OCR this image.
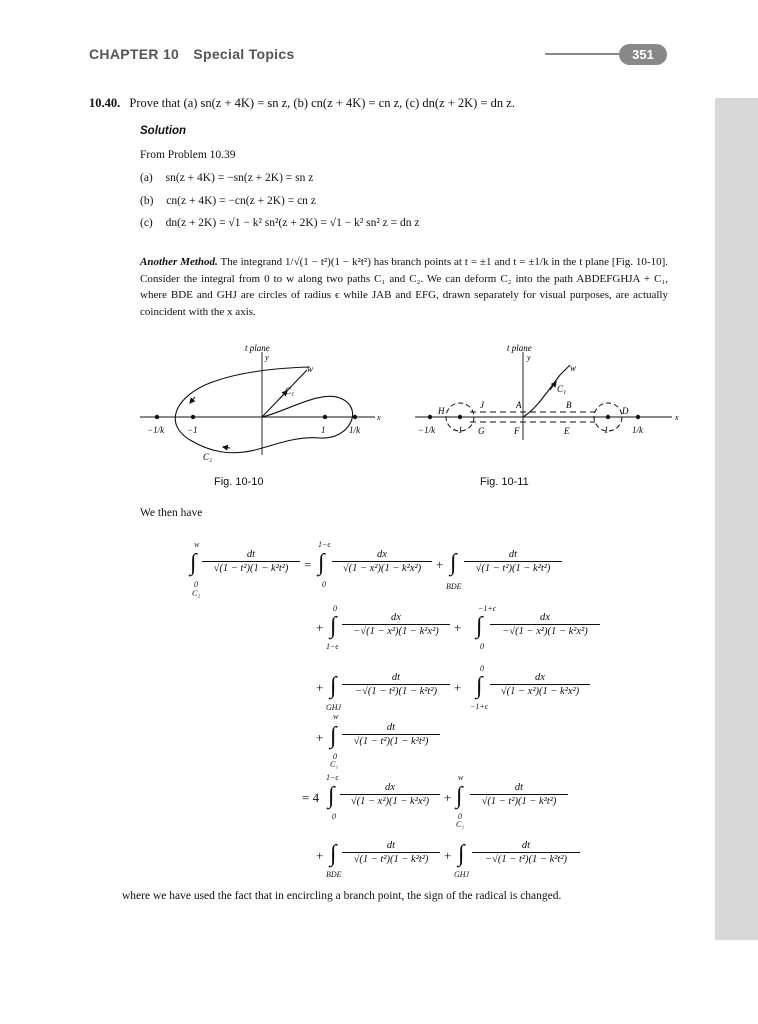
CHAPTER 10 Special Topics	351
10.40. Prove that (a) sn(z + 4K) = sn z, (b) cn(z + 4K) = cn z, (c) dn(z + 2K) = dn z.
Solution
From Problem 10.39
(a) sn(z + 4K) = −sn(z + 2K) = sn z
(b) cn(z + 4K) = −cn(z + 2K) = cn z
(c) dn(z + 2K) = √1 − k² sn²(z + 2K) = √1 − k² sn² z = dn z
Another Method. The integrand 1/√(1 − t²)(1 − k²t²) has branch points at t = ±1 and t = ±1/k in the t plane [Fig. 10-10]. Consider the integral from 0 to w along two paths C₁ and C₂. We can deform C₂ into the path ABDEFGHJA + C₁, where BDE and GHJ are circles of radius ϵ while JAB and EFG, drawn separately for visual purposes, are actually coincident with the x axis.
t plane
y
x
w
C₁
C₂
−1/k	−1	1	1/k
Fig. 10-10
t plane
y
x
w
C₁
H
J	A	B
D
G	F	E
−1/k −1	1	1/k
Fig. 10-11
We then have
w
∫
0
C₂
$\frac{dt}{\text{√(1 − t²)(1 − k²t²)}}$ =
1−ϵ
∫
0
$\frac{dx}{\text{√(1 − x²)(1 − k²x²)}}$ + ∫
BDE
$\frac{dt}{\text{√(1 − t²)(1 − k²t²)}}$
+
0
∫
1−ϵ
$\frac{dx}{\text{−√(1 − x²)(1 − k²x²)}}$ +
−1+ϵ
∫
0
$\frac{dx}{\text{−√(1 − x²)(1 − k²x²)}}$
+ ∫
GHJ
$\frac{dt}{\text{−√(1 − t²)(1 − k²t²)}}$ +
0
∫
−1+ϵ
$\frac{dx}{\text{√(1 − x²)(1 − k²x²)}}$
+
w
∫
0
C₁
$\frac{dt}{\text{√(1 − t²)(1 − k²t²)}}$
= 4
1−ϵ
∫
0
$\frac{dx}{\text{√(1 − x²)(1 − k²x²)}}$ +
w
∫
0
C₁
$\frac{dt}{\text{√(1 − t²)(1 − k²t²)}}$
+ ∫
BDE
$\frac{dt}{\text{√(1 − t²)(1 − k²t²)}}$ + ∫
GHJ
$\frac{dt}{\text{−√(1 − t²)(1 − k²t²)}}$
where we have used the fact that in encircling a branch point, the sign of the radical is changed.
